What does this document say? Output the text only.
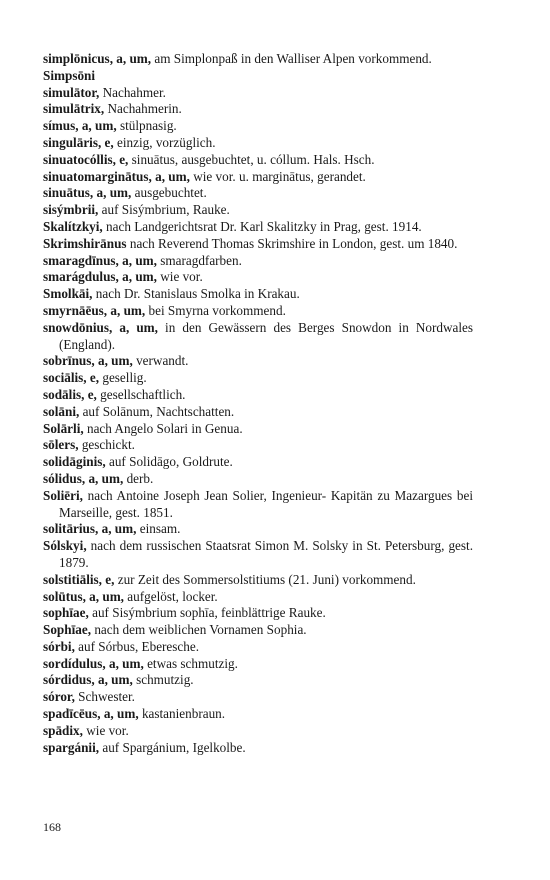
simplōnicus, a, um, am Simplonpaß in den Walliser Alpen vorkommend.
Simpsōni
simulātor, Nachahmer.
simulātrix, Nachahmerin.
símus, a, um, stülpnasig.
singulāris, e, einzig, vorzüglich.
sinuatocóllis, e, sinuātus, ausgebuchtet, u. cóllum. Hals. Hsch.
sinuatomarginātus, a, um, wie vor. u. marginātus, gerandet.
sinuātus, a, um, ausgebuchtet.
sisýmbrii, auf Sisýmbrium, Rauke.
Skalítzkyi, nach Landgerichtsrat Dr. Karl Skalitzky in Prag, gest. 1914.
Skrimshirānus nach Reverend Thomas Skrimshire in London, gest. um 1840.
smaragdīnus, a, um, smaragdfarben.
smarágdulus, a, um, wie vor.
Smolkāi, nach Dr. Stanislaus Smolka in Krakau.
smyrnāēus, a, um, bei Smyrna vorkommend.
snowdōnius, a, um, in den Gewässern des Berges Snowdon in Nordwales (England).
sobrīnus, a, um, verwandt.
sociālis, e, gesellig.
sodālis, e, gesellschaftlich.
solāni, auf Solānum, Nachtschatten.
Solārli, nach Angelo Solari in Genua.
sōlers, geschickt.
solidāginis, auf Solidāgo, Goldrute.
sólidus, a, um, derb.
Soliēri, nach Antoine Joseph Jean Solier, Ingenieur- Kapitän zu Mazargues bei Marseille, gest. 1851.
solitārius, a, um, einsam.
Sólskyi, nach dem russischen Staatsrat Simon M. Solsky in St. Petersburg, gest. 1879.
solstitiālis, e, zur Zeit des Sommersolstitiums (21. Juni) vorkommend.
solūtus, a, um, aufgelöst, locker.
sophīae, auf Sisýmbrium sophīa, feinblättrige Rauke.
Sophīae, nach dem weiblichen Vornamen Sophia.
sórbi, auf Sórbus, Eberesche.
sordídulus, a, um, etwas schmutzig.
sórdidus, a, um, schmutzig.
sóror, Schwester.
spadīcēus, a, um, kastanienbraun.
spādix, wie vor.
spargánii, auf Spargánium, Igelkolbe.
168
